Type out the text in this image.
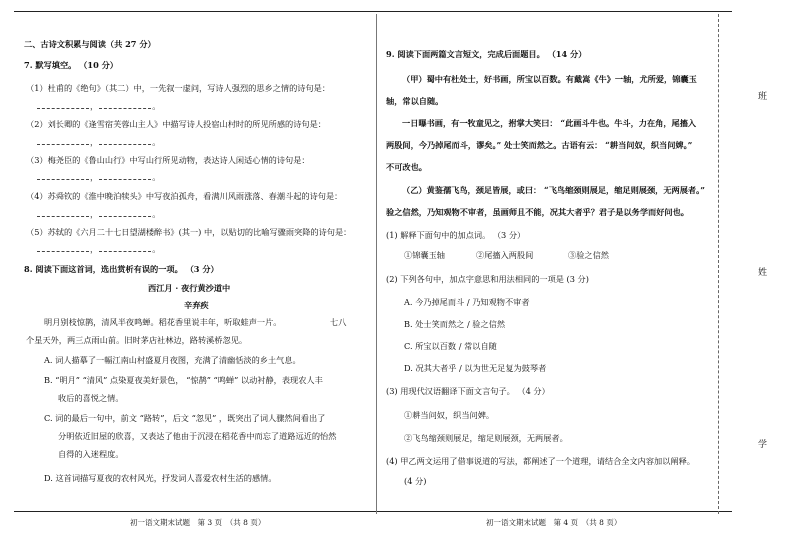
二、古诗文积累与阅读（共 27 分）
7. 默写填空。 （10 分）
（1）杜甫的《绝句》（其二）中，一先叙一虚问，写诗人强烈的思乡之情的诗句是：
，	。
（2）刘长卿的《逢雪宿芙蓉山主人》中描写诗人投宿山村时的所见所感的诗句是：
，	。
（3）梅尧臣的《鲁山山行》中写山行所见动物，表达诗人闲适心情的诗句是：
，	。
（4）苏舜钦的《淮中晚泊犊头》中写夜泊孤舟，看满川风雨涨落、春潮斗起的诗句是：
，	。
（5）苏轼的《六月二十七日望湖楼醉书》(其一) 中，以贴切的比喻写骤雨突降的诗句是：
，	。
8. 阅读下面这首词，选出赏析有误的一项。 （3 分）
西江月 · 夜行黄沙道中
辛弃疾
明月别枝惊鹊，清风半夜鸣蝉。稻花香里说丰年，听取蛙声一片。	七八
个星天外，两三点雨山前。旧时茅店社林边，路转溪桥忽见。
A. 词人描摹了一幅江南山村盛夏月夜图，充满了清幽恬淡的乡土气息。
B. “明月” “清风” 点染夏夜美好景色， “惊鹊” “鸣蝉” 以动衬静，表现农人丰
收后的喜悦之情。
C. 词的最后一句中，前文 “路转”，后文 “忽见” ，既突出了词人骤然间看出了
分明依近旧屋的欣喜，又表达了他由于沉浸在稻花香中而忘了道路远近的怡然
自得的入迷程度。
D. 这首词描写夏夜的农村风光，抒发词人喜爱农村生活的感情。
初一语文期末试题　第 3 页　（共 8 页）
9. 阅读下面两篇文言短文，完成后面题目。 （14 分）
（甲）蜀中有杜处士，好书画，所宝以百数。有戴嵩《牛》一轴，尤所爱，锦囊玉
轴，常以自随。
一日曝书画，有一牧童见之，拊掌大笑曰： “此画斗牛也。牛斗，力在角，尾搐入
两股间，今乃掉尾而斗，谬矣。” 处士笑而然之。古语有云： “耕当问奴，织当问婢。”
不可改也。
（乙）黄鉴孺飞鸟，颈足皆展，或曰： “飞鸟缩颈则展足，缩足则展颈，无两展者。”
验之信然，乃知观物不审者，虽画师且不能，况其大者乎？君子是以务学而好问也。
(1) 解释下面句中的加点词。 （3 分）
①锦囊玉轴	②尾搐入两股间	③验之信然
(2) 下列各句中，加点字意思和用法相同的一项是 (3 分)
A. 今乃掉尾而斗 / 乃知观物不审者
B. 处士笑而然之 / 验之信然
C. 所宝以百数 / 常以自随
D. 况其大者乎 / 以为世无足复为鼓琴者
(3) 用现代汉语翻译下面文言句子。 （4 分）
①耕当问奴，织当问婢。
②飞鸟缩颈则展足，缩足则展颈，无两展者。
(4) 甲乙两文运用了借事说道的写法，都阐述了一个道理，请结合全文内容加以阐释。
(4 分)
初一语文期末试题　第 4 页　（共 8 页）
班
姓
学
